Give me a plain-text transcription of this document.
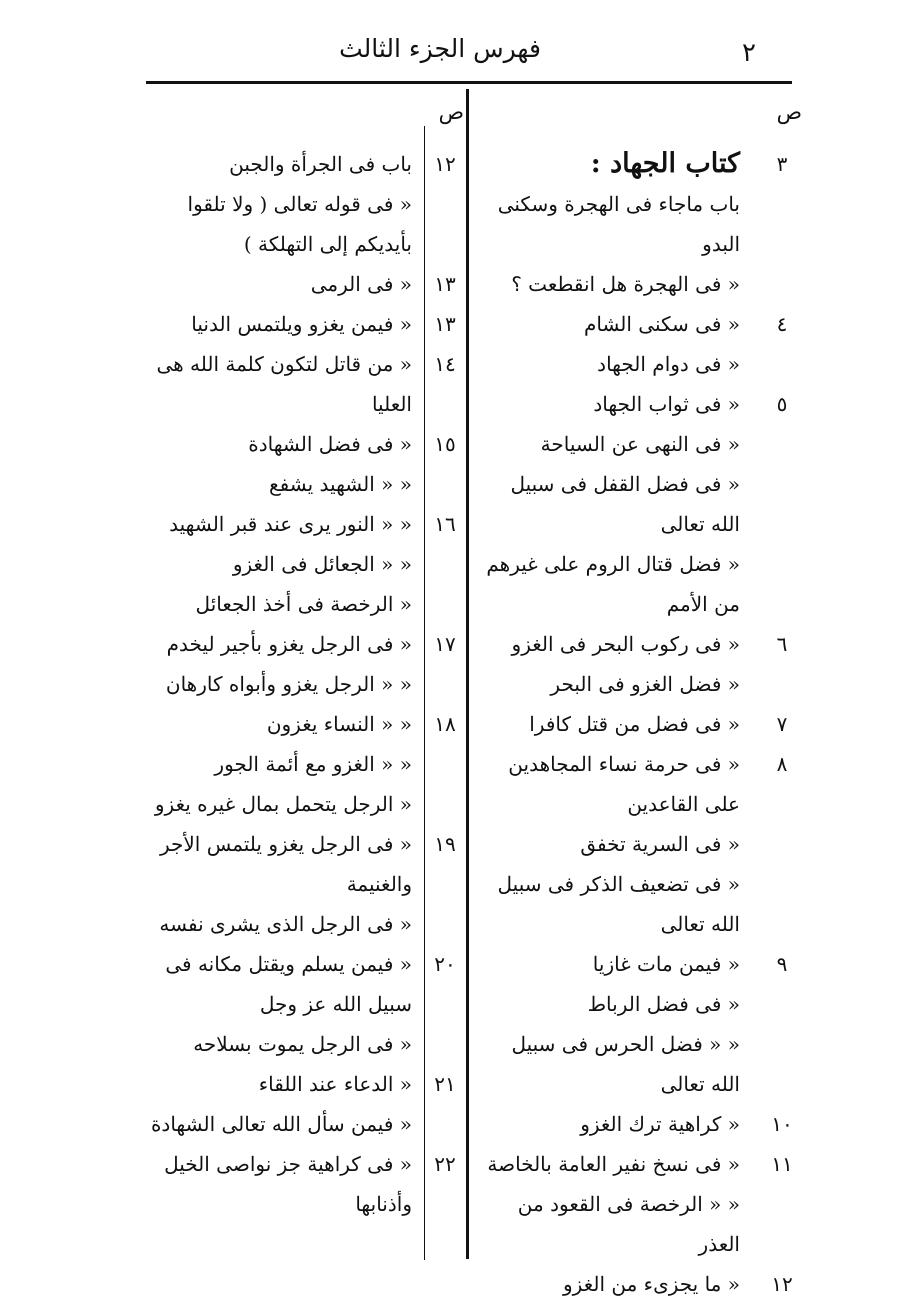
فهرس الجزء الثالث	٢
ص
٣
كتاب الجهاد :
باب ماجاء فى الهجرة وسكنى البدو
« فى الهجرة هل انقطعت ؟
٤
« فى سكنى الشام
« فى دوام الجهاد
٥
« فى ثواب الجهاد
« فى النهى عن السياحة
« فى فضل القفل فى سبيل الله تعالى
« فضل قتال الروم على غيرهم من الأمم
٦
« فى ركوب البحر فى الغزو
« فضل الغزو فى البحر
٧
« فى فضل من قتل كافرا
٨
« فى حرمة نساء المجاهدين على القاعدين
« فى السرية تخفق
« فى تضعيف الذكر فى سبيل الله تعالى
٩
« فيمن مات غازيا
« فى فضل الرباط
« « فضل الحرس فى سبيل الله تعالى
١٠
« كراهية ترك الغزو
١١
« فى نسخ نفير العامة بالخاصة
« « الرخصة فى القعود من العذر
١٢
« ما يجزىء من الغزو
ص
١٢
باب فى الجرأة والجبن
« فى قوله تعالى ( ولا تلقوا بأيديكم إلى التهلكة )
١٣
« فى الرمى
١٣
« فيمن يغزو ويلتمس الدنيا
١٤
« من قاتل لتكون كلمة الله هى العليا
١٥
« فى فضل الشهادة
« « الشهيد يشفع
١٦
« « النور يرى عند قبر الشهيد
« « الجعائل فى الغزو
« الرخصة فى أخذ الجعائل
١٧
« فى الرجل يغزو بأجير ليخدم
« « الرجل يغزو وأبواه كارهان
١٨
« « النساء يغزون
« « الغزو مع أئمة الجور
« الرجل يتحمل بمال غيره يغزو
١٩
« فى الرجل يغزو يلتمس الأجر والغنيمة
« فى الرجل الذى يشرى نفسه
٢٠
« فيمن يسلم ويقتل مكانه فى سبيل الله عز وجل
« فى الرجل يموت بسلاحه
٢١
« الدعاء عند اللقاء
« فيمن سأل الله تعالى الشهادة
٢٢
« فى كراهية جز نواصى الخيل وأذنابها
